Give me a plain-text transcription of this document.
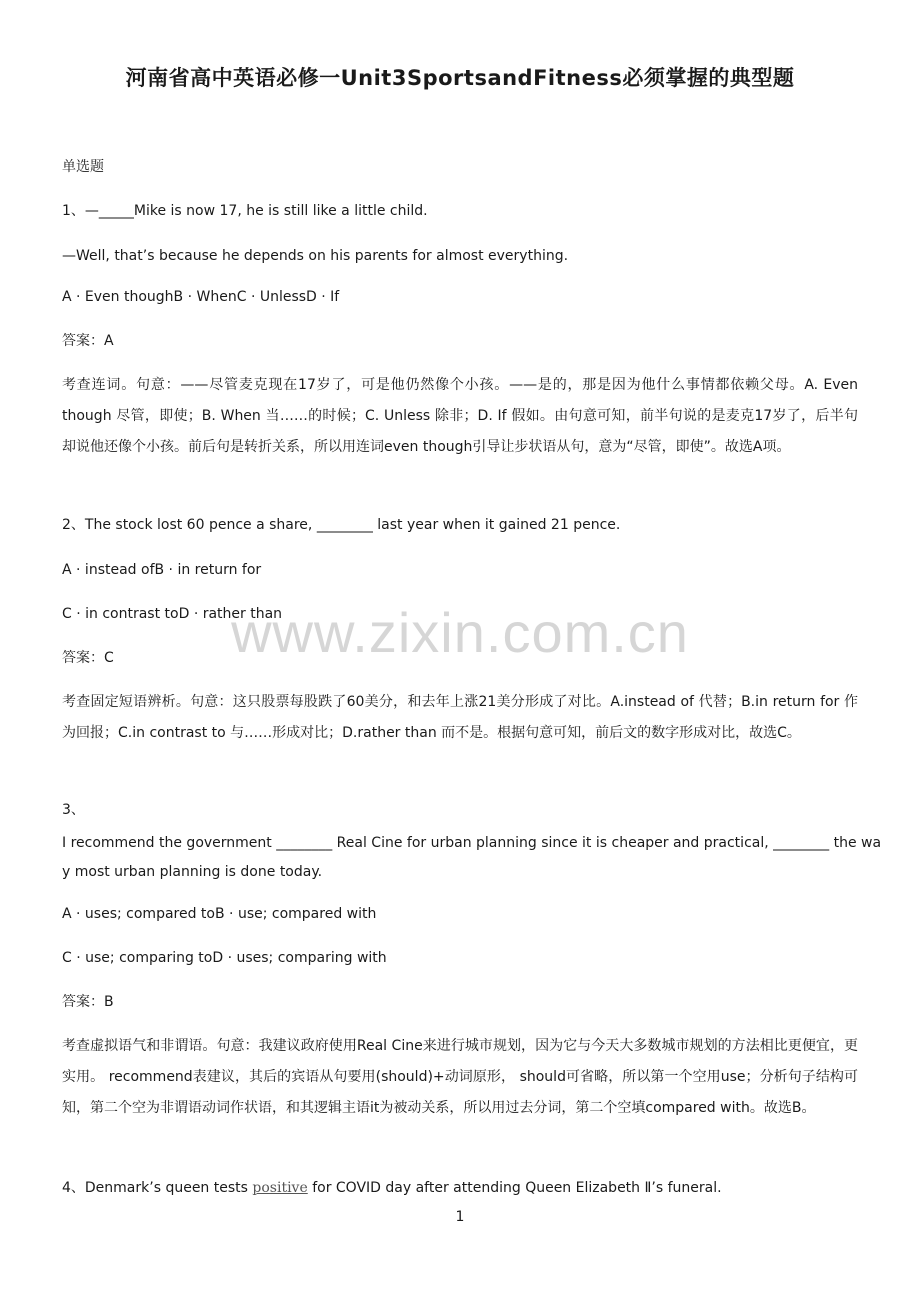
河南省高中英语必修一Unit3SportsandFitness必须掌握的典型题
单选题
1、—_____Mike is now 17, he is still like a little child.
—Well, that’s because he depends on his parents for almost everything.
A · Even thoughB · WhenC · UnlessD · If
答案：A
考查连词。句意：——尽管麦克现在17岁了，可是他仍然像个小孩。——是的，那是因为他什么事情都依赖父母。A. Even though 尽管，即使；B. When 当……的时候；C. Unless 除非；D. If 假如。由句意可知，前半句说的是麦克17岁了，后半句却说他还像个小孩。前后句是转折关系，所以用连词even though引导让步状语从句，意为“尽管，即使”。故选A项。
2、The stock lost 60 pence a share, ________ last year when it gained 21 pence.
A · instead ofB · in return for
C · in contrast toD · rather than
答案：C
考查固定短语辨析。句意：这只股票每股跌了60美分，和去年上涨21美分形成了对比。A.instead of 代替；B.in return for 作为回报；C.in contrast to 与……形成对比；D.rather than 而不是。根据句意可知，前后文的数字形成对比，故选C。
3、
I recommend the government ________ Real Cine for urban planning since it is cheaper and practical, ________ the wa
y most urban planning is done today.
A · uses; compared toB · use; compared with
C · use; comparing toD · uses; comparing with
答案：B
考查虚拟语气和非谓语。句意：我建议政府使用Real Cine来进行城市规划，因为它与今天大多数城市规划的方法相比更便宜，更实用。 recommend表建议，其后的宾语从句要用(should)+动词原形， should可省略，所以第一个空用use；分析句子结构可知，第二个空为非谓语动词作状语，和其逻辑主语it为被动关系，所以用过去分词，第二个空填compared with。故选B。
4、Denmark’s queen tests positive for COVID day after attending Queen Elizabeth Ⅱ’s funeral.
www.zixin.com.cn
1
